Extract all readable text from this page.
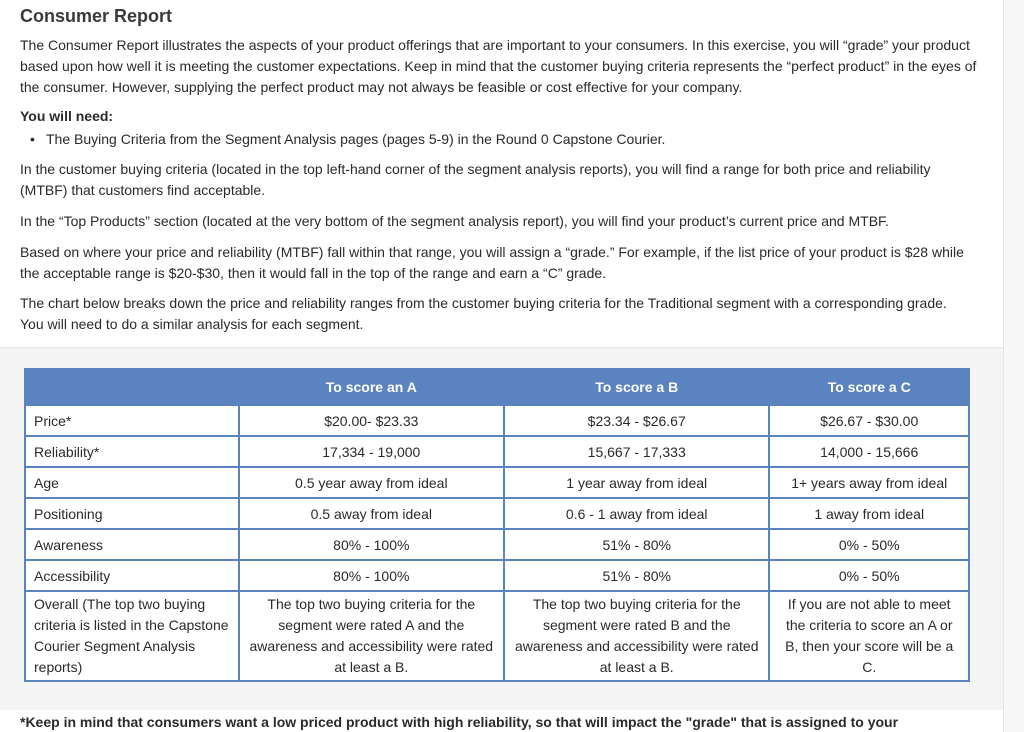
Consumer Report
The Consumer Report illustrates the aspects of your product offerings that are important to your consumers. In this exercise, you will “grade” your product based upon how well it is meeting the customer expectations. Keep in mind that the customer buying criteria represents the “perfect product” in the eyes of the consumer. However, supplying the perfect product may not always be feasible or cost effective for your company.
You will need:
• The Buying Criteria from the Segment Analysis pages (pages 5-9) in the Round 0 Capstone Courier.
In the customer buying criteria (located in the top left-hand corner of the segment analysis reports), you will find a range for both price and reliability (MTBF) that customers find acceptable.
In the “Top Products” section (located at the very bottom of the segment analysis report), you will find your product’s current price and MTBF.
Based on where your price and reliability (MTBF) fall within that range, you will assign a “grade.” For example, if the list price of your product is $28 while the acceptable range is $20-$30, then it would fall in the top of the range and earn a “C” grade.
The chart below breaks down the price and reliability ranges from the customer buying criteria for the Traditional segment with a corresponding grade. You will need to do a similar analysis for each segment.
	To score an A	To score a B	To score a C
Price*	$20.00- $23.33	$23.34 - $26.67	$26.67 - $30.00
Reliability*	17,334 - 19,000	15,667 - 17,333	14,000 - 15,666
Age	0.5 year away from ideal	1 year away from ideal	1+ years away from ideal
Positioning	0.5 away from ideal	0.6 - 1 away from ideal	1 away from ideal
Awareness	80% - 100%	51% - 80%	0% - 50%
Accessibility	80% - 100%	51% - 80%	0% - 50%
Overall (The top two buying criteria is listed in the Capstone Courier Segment Analysis reports)	The top two buying criteria for the segment were rated A and the awareness and accessibility were rated at least a B.	The top two buying criteria for the segment were rated B and the awareness and accessibility were rated at least a B.	If you are not able to meet the criteria to score an A or B, then your score will be a C.
*Keep in mind that consumers want a low priced product with high reliability, so that will impact the "grade" that is assigned to your
